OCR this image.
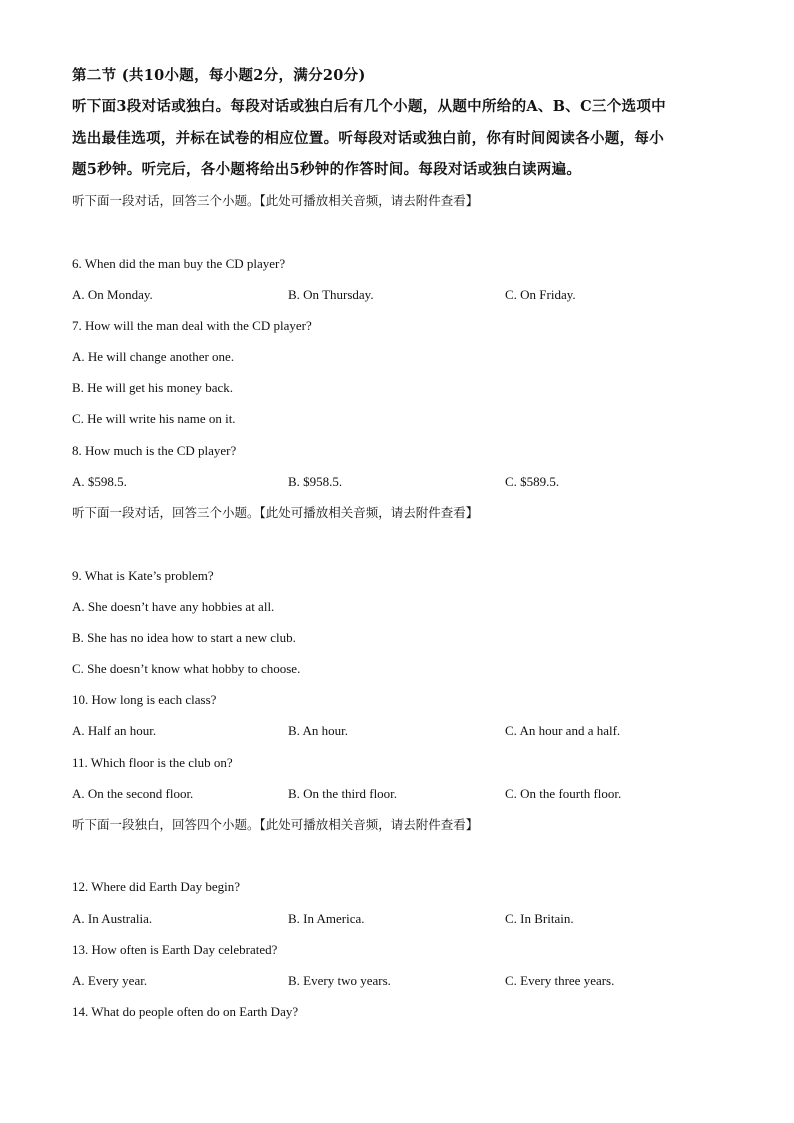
第二节 (共10小题，每小题2分，满分20分)
听下面3段对话或独白。每段对话或独白后有几个小题，从题中所给的A、B、C三个选项中
选出最佳选项，并标在试卷的相应位置。听每段对话或独白前，你有时间阅读各小题，每小
题5秒钟。听完后，各小题将给出5秒钟的作答时间。每段对话或独白读两遍。
听下面一段对话，回答三个小题。【此处可播放相关音频，请去附件查看】
6. When did the man buy the CD player?
A. On Monday.	B. On Thursday.	C. On Friday.
7. How will the man deal with the CD player?
A. He will change another one.
B. He will get his money back.
C. He will write his name on it.
8. How much is the CD player?
A. $598.5.	B. $958.5.	C. $589.5.
听下面一段对话，回答三个小题。【此处可播放相关音频，请去附件查看】
9. What is Kate’s problem?
A. She doesn’t have any hobbies at all.
B. She has no idea how to start a new club.
C. She doesn’t know what hobby to choose.
10. How long is each class?
A. Half an hour.	B. An hour.	C. An hour and a half.
11. Which floor is the club on?
A. On the second floor.	B. On the third floor.	C. On the fourth floor.
听下面一段独白，回答四个小题。【此处可播放相关音频，请去附件查看】
12. Where did Earth Day begin?
A. In Australia.	B. In America.	C. In Britain.
13. How often is Earth Day celebrated?
A. Every year.	B. Every two years.	C. Every three years.
14. What do people often do on Earth Day?
